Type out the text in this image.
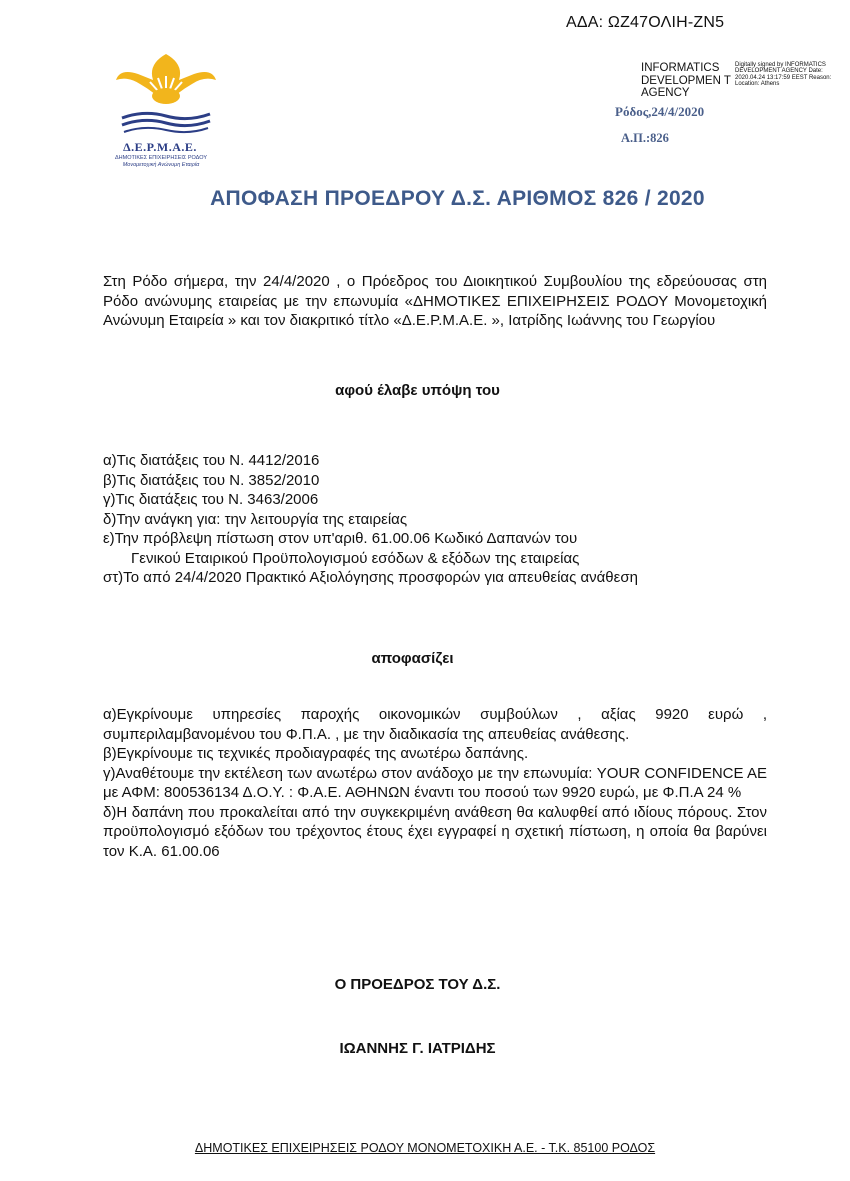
ΑΔΑ: ΩΖ47ΟΛΙΗ-ΖΝ5
Δ.Ε.Ρ.Μ.Α.Ε.
ΔΗΜΟΤΙΚΕΣ ΕΠΙΧΕΙΡΗΣΕΙΣ ΡΟΔΟΥ
Μονομετοχική Ανώνυμη Εταιρία
INFORMATICS DEVELOPMEN T AGENCY
Digitally signed by INFORMATICS DEVELOPMENT AGENCY Date: 2020.04.24 13:17:59 EEST Reason: Location: Athens
Ρόδος,24/4/2020
Α.Π.:826
ΑΠΟΦΑΣΗ ΠΡΟΕΔΡΟΥ Δ.Σ. ΑΡΙΘΜΟΣ 826 / 2020
Στη Ρόδο σήμερα, την 24/4/2020 , ο Πρόεδρος του Διοικητικού Συμβουλίου της εδρεύουσας στη Ρόδο ανώνυμης εταιρείας με την επωνυμία «ΔΗΜΟΤΙΚΕΣ ΕΠΙΧΕΙΡΗΣΕΙΣ ΡΟΔΟΥ Μονομετοχική Ανώνυμη Εταιρεία » και τον διακριτικό τίτλο «Δ.Ε.Ρ.Μ.Α.Ε. », Ιατρίδης Ιωάννης του Γεωργίου
αφού έλαβε υπόψη του
α)Τις διατάξεις του Ν. 4412/2016
β)Τις διατάξεις του Ν. 3852/2010
γ)Τις διατάξεις του Ν. 3463/2006
δ)Την ανάγκη για: την λειτουργία της εταιρείας
ε)Την πρόβλεψη πίστωση στον υπ'αριθ. 61.00.06 Κωδικό Δαπανών του
Γενικού Εταιρικού Προϋπολογισμού εσόδων & εξόδων της εταιρείας
στ)Το από 24/4/2020 Πρακτικό Αξιολόγησης προσφορών για απευθείας ανάθεση
αποφασίζει
α)Εγκρίνουμε υπηρεσίες παροχής οικονομικών συμβούλων , αξίας 9920 ευρώ , συμπεριλαμβανομένου του Φ.Π.Α. , με την διαδικασία της απευθείας ανάθεσης.
β)Εγκρίνουμε τις τεχνικές προδιαγραφές της ανωτέρω δαπάνης.
γ)Αναθέτουμε την εκτέλεση των ανωτέρω στον ανάδοχο με την επωνυμία: YOUR CONFIDENCE AE με ΑΦΜ: 800536134 Δ.Ο.Υ. : Φ.Α.Ε. ΑΘΗΝΩΝ έναντι του ποσού των 9920 ευρώ, με Φ.Π.Α 24 %
δ)Η δαπάνη που προκαλείται από την συγκεκριμένη ανάθεση θα καλυφθεί από ιδίους πόρους. Στον προϋπολογισμό εξόδων του τρέχοντος έτους έχει εγγραφεί η σχετική πίστωση, η οποία θα βαρύνει τον Κ.Α. 61.00.06
Ο ΠΡΟΕΔΡΟΣ ΤΟΥ Δ.Σ.
ΙΩΑΝΝΗΣ Γ. ΙΑΤΡΙΔΗΣ
ΔΗΜΟΤΙΚΕΣ ΕΠΙΧΕΙΡΗΣΕΙΣ ΡΟΔΟΥ ΜΟΝΟΜΕΤΟΧΙΚΗ Α.Ε. - Τ.Κ. 85100 ΡΟΔΟΣ
